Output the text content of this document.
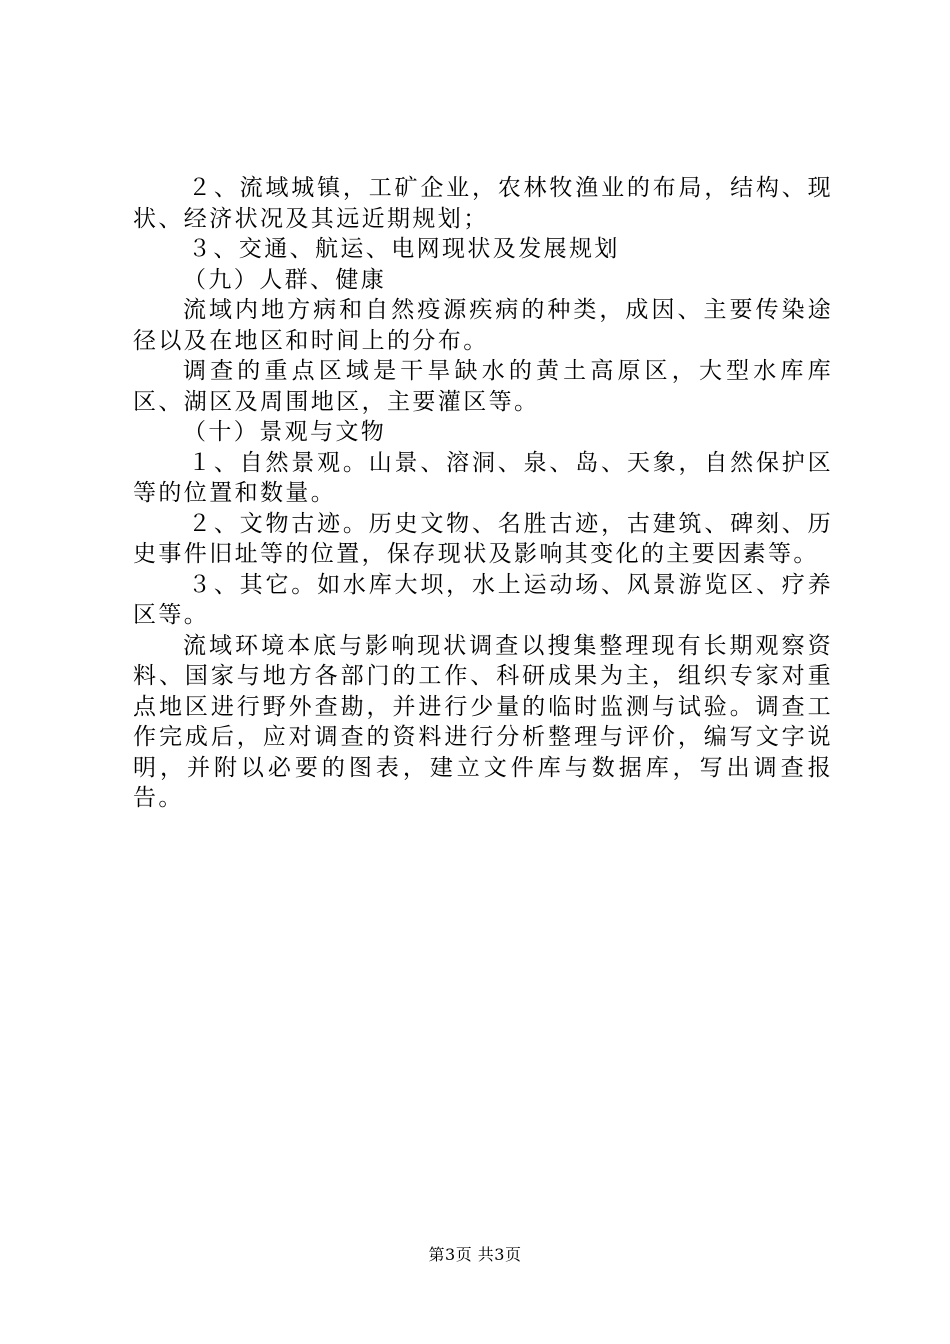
２、流域城镇，工矿企业，农林牧渔业的布局，结构、现状、经济状况及其远近期规划；

３、交通、航运、电网现状及发展规划

（九）人群、健康

流域内地方病和自然疫源疾病的种类，成因、主要传染途径以及在地区和时间上的分布。

调查的重点区域是干旱缺水的黄土高原区，大型水库库区、湖区及周围地区，主要灌区等。

（十）景观与文物

１、自然景观。山景、溶洞、泉、岛、天象，自然保护区等的位置和数量。

２、文物古迹。历史文物、名胜古迹，古建筑、碑刻、历史事件旧址等的位置，保存现状及影响其变化的主要因素等。

３、其它。如水库大坝，水上运动场、风景游览区、疗养区等。

流域环境本底与影响现状调查以搜集整理现有长期观察资料、国家与地方各部门的工作、科研成果为主，组织专家对重点地区进行野外查勘，并进行少量的临时监测与试验。调查工作完成后，应对调查的资料进行分析整理与评价，编写文字说明，并附以必要的图表，建立文件库与数据库，写出调查报告。

第3页 共3页
